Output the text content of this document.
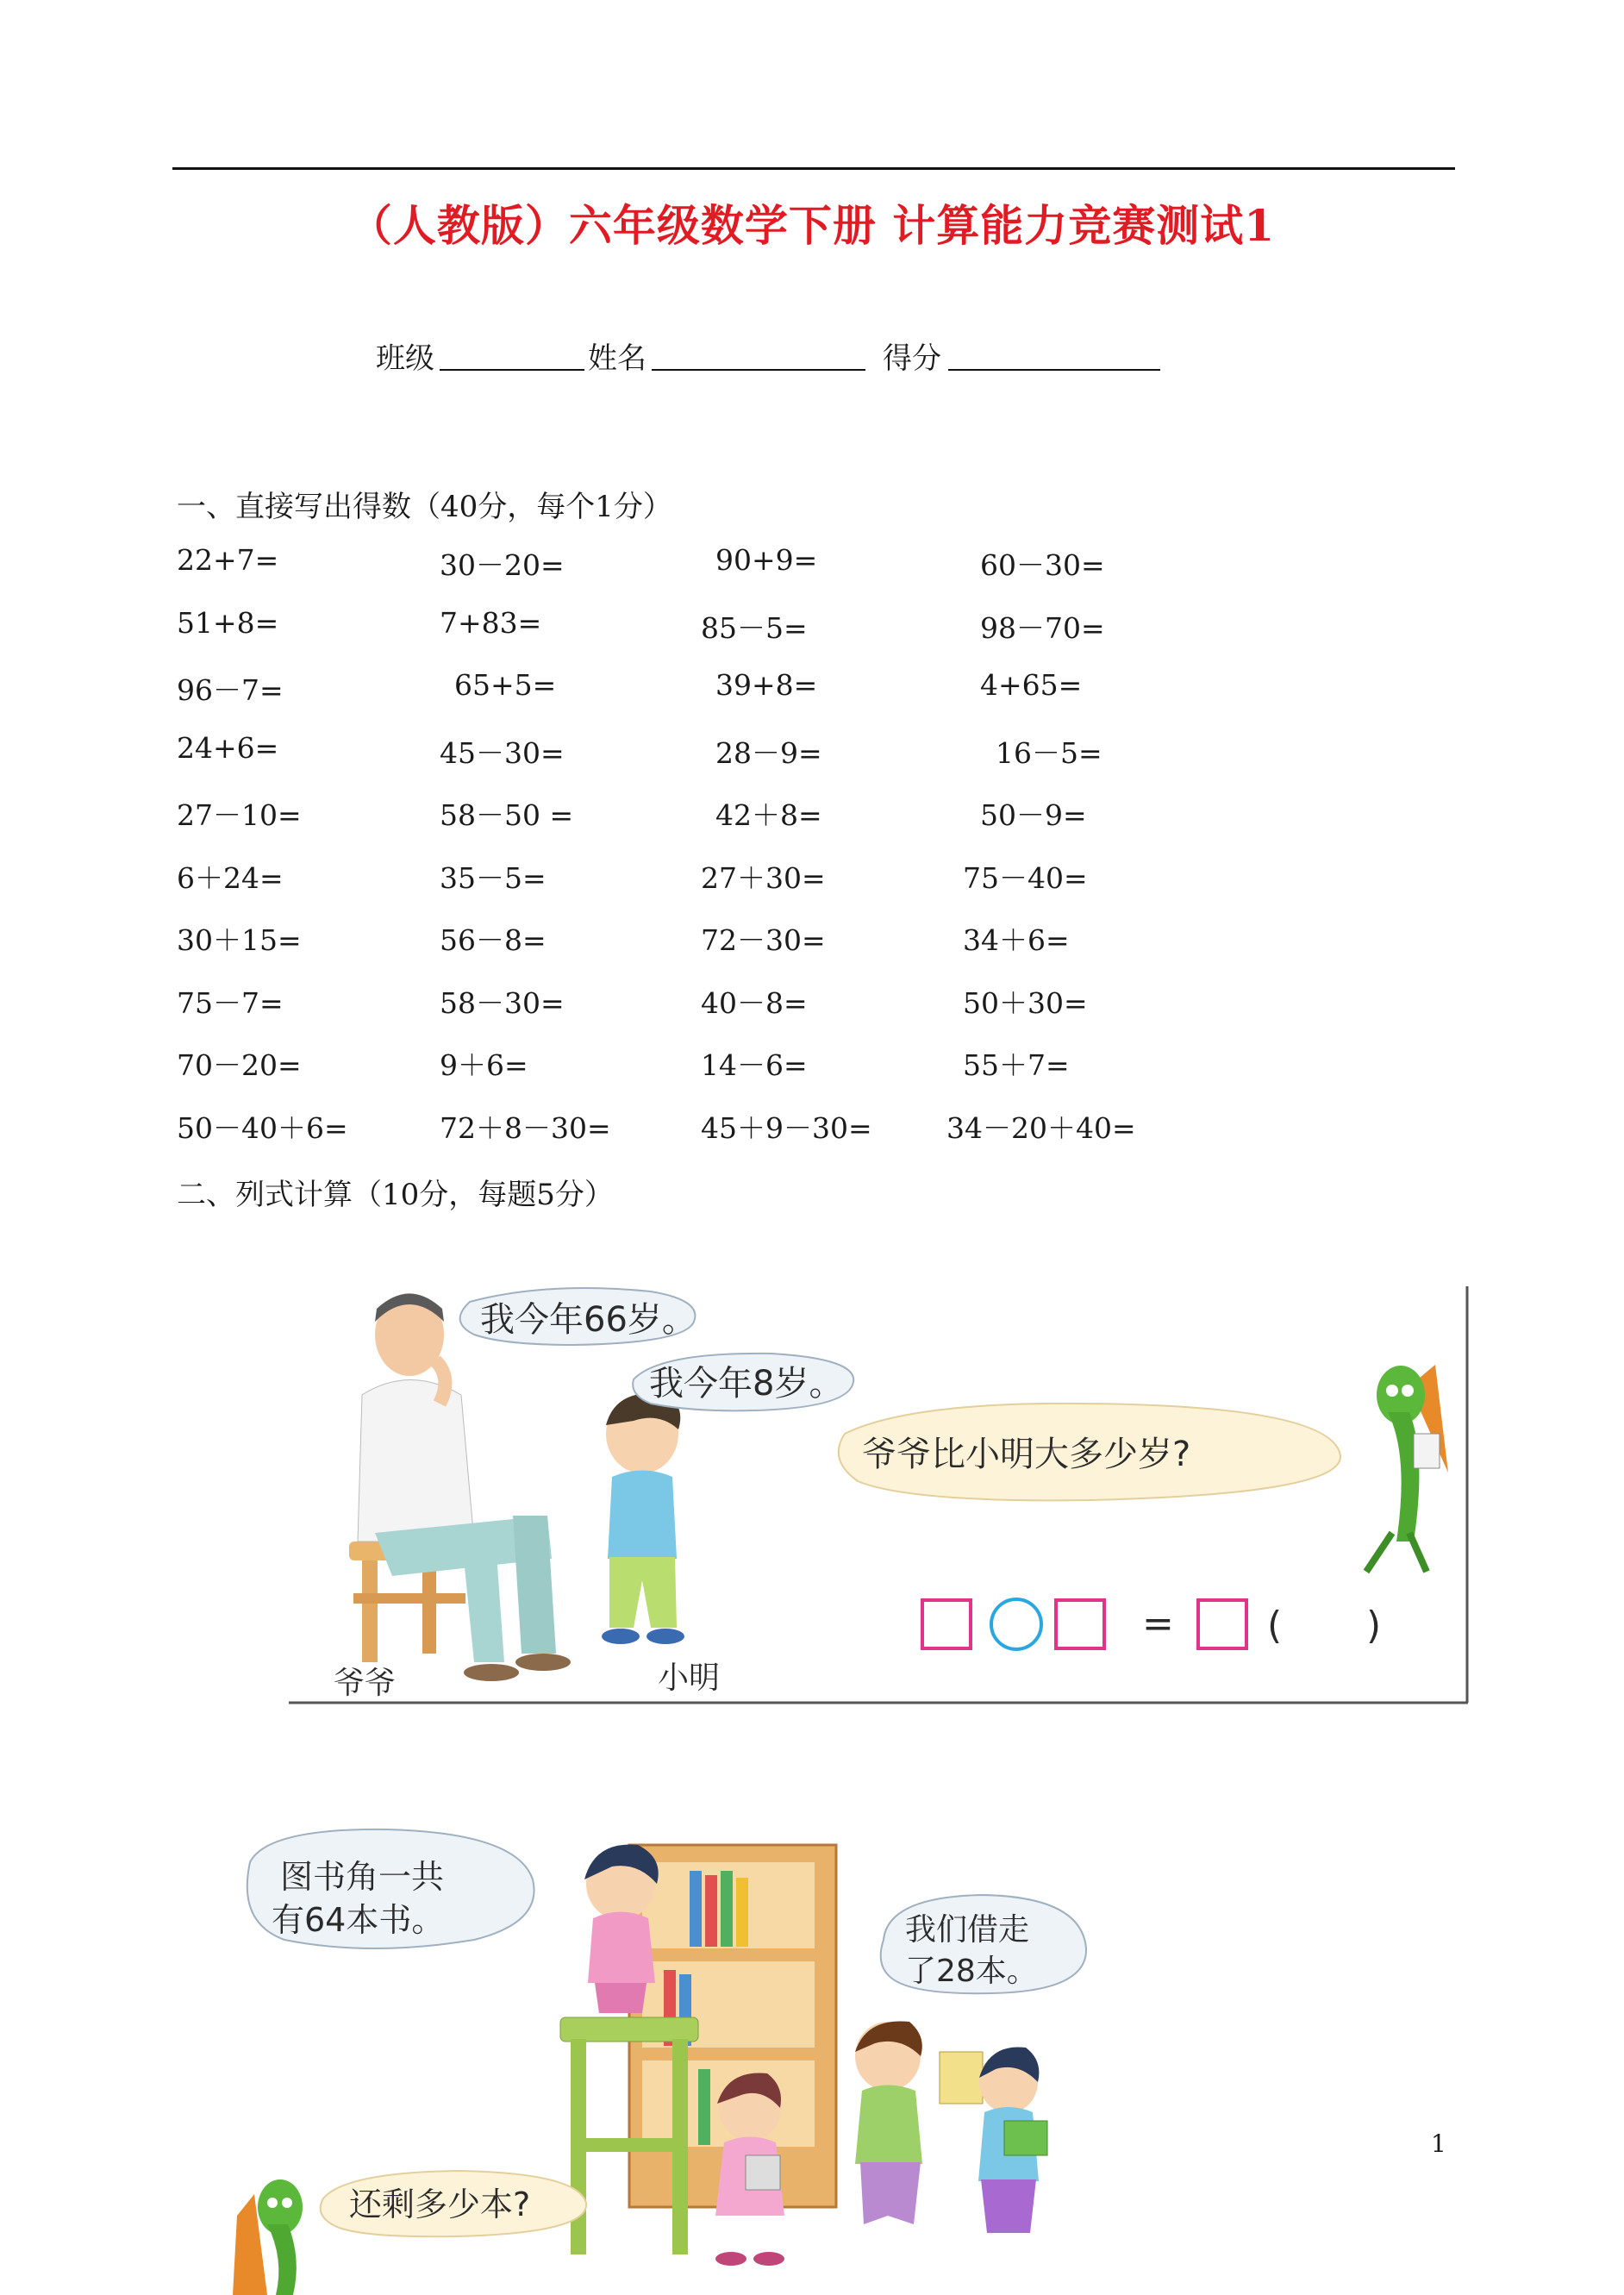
（人教版）六年级数学下册 计算能力竞赛测试1
班级	姓名	得分
一、直接写出得数（40分，每个1分）
22+7=	30－20=	90+9=	60－30=
51+8=	7+83=	85－5=	98－70=
96－7=	65+5=	39+8=	4+65=
24+6=	45－30=	28－9=	16－5=
27－10=	58－50 =	42＋8=	50－9=
6＋24=	35－5=	27＋30=	75－40=
30＋15=	56－8=	72－30=	34＋6=
75－7=	58－30=	40－8=	50＋30=
70－20=	9＋6=	14－6=	55＋7=
50－40＋6=	72＋8－30=	45＋9－30=	34－20＋40=
二、列式计算（10分，每题5分）
爷爷
我今年66岁。
小明
我今年8岁。
爷爷比小明大多少岁?
= ( )
图书角一共
有64本书。	我们借走
了28本。
还剩多少本?
1
